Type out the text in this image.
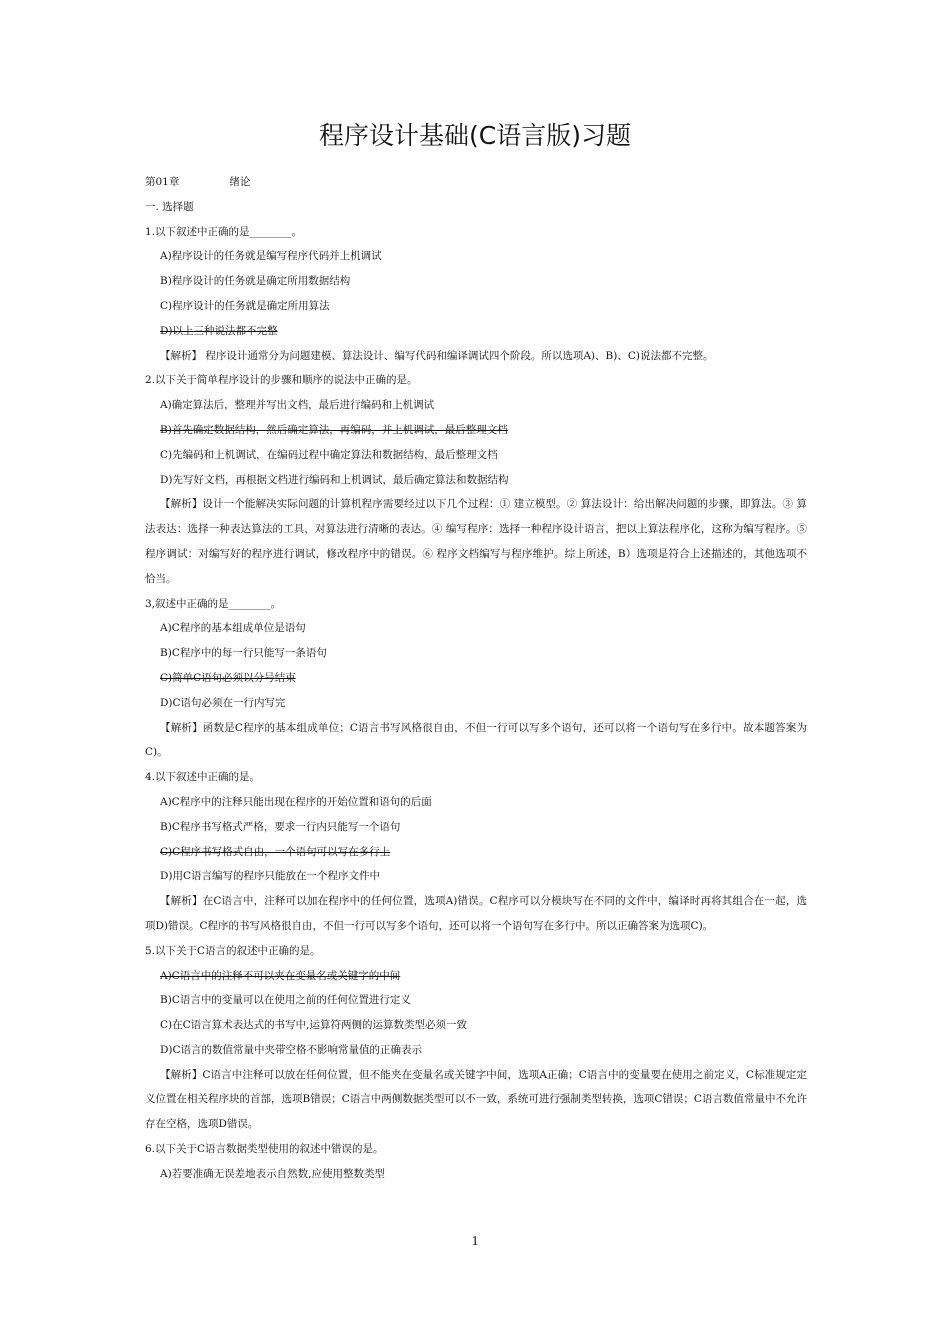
程序设计基础(C语言版)习题
第01章	绪论
一. 选择题
1.以下叙述中正确的是________。
A)程序设计的任务就是编写程序代码并上机调试
B)程序设计的任务就是确定所用数据结构
C)程序设计的任务就是确定所用算法
D)以上三种说法都不完整
【解析】 程序设计通常分为问题建模、算法设计、编写代码和编译调试四个阶段。所以选项A)、B)、C)说法都不完整。
2.以下关于简单程序设计的步骤和顺序的说法中正确的是。
A)确定算法后，整理并写出文档，最后进行编码和上机调试
B)首先确定数据结构，然后确定算法，再编码，并上机调试，最后整理文档
C)先编码和上机调试，在编码过程中确定算法和数据结构，最后整理文档
D)先写好文档，再根据文档进行编码和上机调试，最后确定算法和数据结构
【解析】设计一个能解决实际问题的计算机程序需要经过以下几个过程：① 建立模型。② 算法设计：给出解决问题的步骤，即算法。③ 算法表达：选择一种表达算法的工具，对算法进行清晰的表达。④ 编写程序：选择一种程序设计语言，把以上算法程序化，这称为编写程序。⑤ 程序调试：对编写好的程序进行调试，修改程序中的错误。⑥ 程序文档编写与程序维护。综上所述，B）选项是符合上述描述的，其他选项不恰当。
3,叙述中正确的是________。
A)C程序的基本组成单位是语句
B)C程序中的每一行只能写一条语句
C)简单C语句必须以分号结束
D)C语句必须在一行内写完
【解析】函数是C程序的基本组成单位；C语言书写风格很自由，不但一行可以写多个语句，还可以将一个语句写在多行中。故本题答案为C)。
4.以下叙述中正确的是。
A)C程序中的注释只能出现在程序的开始位置和语句的后面
B)C程序书写格式严格，要求一行内只能写一个语句
C)C程序书写格式自由，一个语句可以写在多行上
D)用C语言编写的程序只能放在一个程序文件中
【解析】在C语言中，注释可以加在程序中的任何位置，选项A)错误。C程序可以分模块写在不同的文件中，编译时再将其组合在一起，选项D)错误。C程序的书写风格很自由，不但一行可以写多个语句，还可以将一个语句写在多行中。所以正确答案为选项C)。
5.以下关于C语言的叙述中正确的是。
A)C语言中的注释不可以夹在变量名或关键字的中间
B)C语言中的变量可以在使用之前的任何位置进行定义
C)在C语言算术表达式的书写中,运算符两侧的运算数类型必须一致
D)C语言的数值常量中夹带空格不影响常量值的正确表示
【解析】C语言中注释可以放在任何位置，但不能夹在变量名或关键字中间，选项A正确；C语言中的变量要在使用之前定义，C标准规定定义位置在相关程序块的首部，选项B错误；C语言中两侧数据类型可以不一致，系统可进行强制类型转换，选项C错误；C语言数值常量中不允许存在空格，选项D错误。
6.以下关于C语言数据类型使用的叙述中错误的是。
A)若要准确无误差地表示自然数,应使用整数类型
1
